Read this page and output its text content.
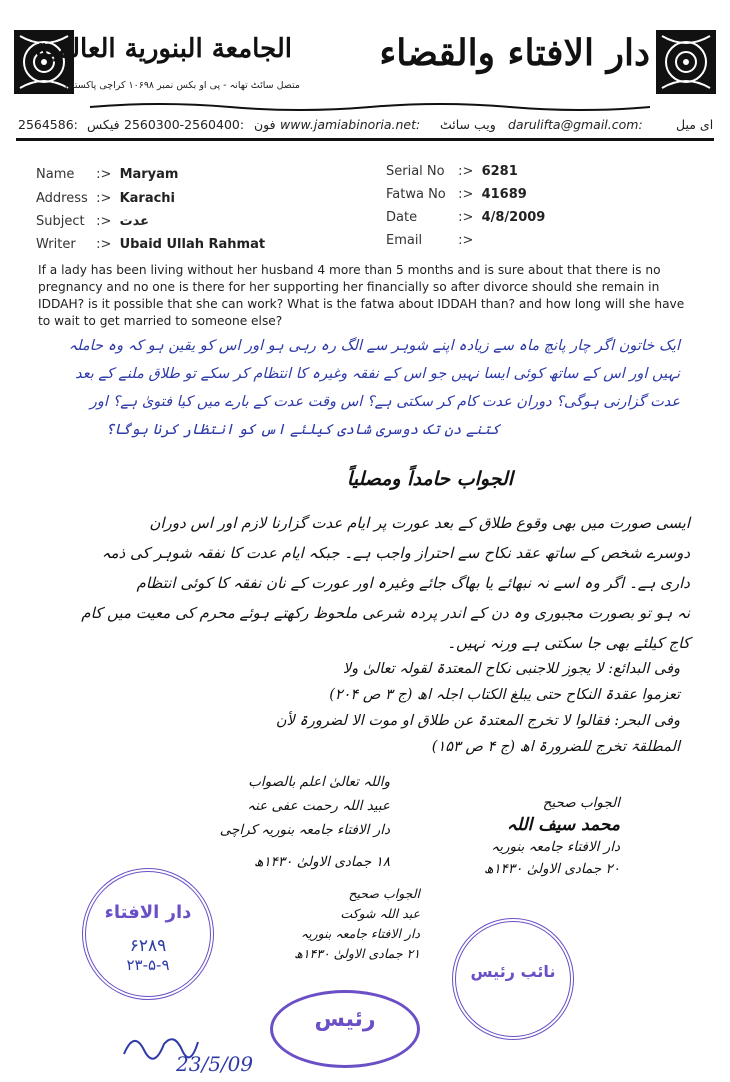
الجامعة البنورية العالمية
متصل سائٹ تھانہ - پی او بکس نمبر ۱۰۶۹۸ کراچی پاکستان
دار الافتاء والقضاء
2564586: فیکس 2560300-2560400: فون www.jamiabinoria.net: ویب سائٹ darulifta@gmail.com:	ای میل
Name :> Maryam
Address :> Karachi
Subject :> عدت
Writer :> Ubaid Ullah Rahmat
Serial No :> 6281
Fatwa No :> 41689
Date	:> 4/8/2009
Email	:>
If a lady has been living without her husband 4 more than 5 months and is sure about that there is no pregnancy and no one is there for her supporting her financially so after divorce should she remain in IDDAH? is it possible that she can work? What is the fatwa about IDDAH than? and how long will she have to wait to get married to someone else?
ایک خاتون اگر چار پانچ ماہ سے زیادہ اپنے شوہر سے الگ رہ رہی ہو اور اس کو یقین ہو کہ وہ حاملہ
نہیں اور اس کے ساتھ کوئی ایسا نہیں جو اس کے نفقہ وغیرہ کا انتظام کر سکے تو طلاق ملنے کے بعد
عدت گزارنی ہوگی؟ دوران عدت کام کر سکتی ہے؟ اس وقت عدت کے بارے میں کیا فتویٰ ہے؟ اور
کتنے دن تک دوسری شادی کیلئے اس کو انتظار کرنا ہوگا؟
الجواب حامداً ومصلیاً
ایسی صورت میں بھی وقوع طلاق کے بعد عورت پر ایام عدت گزارنا لازم اور اس دوران
دوسرے شخص کے ساتھ عقد نکاح سے احتراز واجب ہے۔ جبکہ ایام عدت کا نفقہ شوہر کی ذمہ
داری ہے۔ اگر وہ اسے نہ نبھائے یا بھاگ جائے وغیرہ اور عورت کے نان نفقہ کا کوئی انتظام
نہ ہو تو بصورت مجبوری وہ دن کے اندر پردہ شرعی ملحوظ رکھتے ہوئے محرم کی معیت میں کام
کاج کیلئے بھی جا سکتی ہے ورنہ نہیں۔
وفی البدائع: لا یجوز للاجنبی نکاح المعتدۃ لقولہ تعالیٰ ولا
تعزموا عقدۃ النکاح حتی یبلغ الکتاب اجلہ اھ (ج ۳ ص ۲۰۴)
وفی البحر: فقالوا لا تخرج المعتدۃ عن طلاق او موت الا لضرورۃ لأن
المطلقۃ تخرج للضرورۃ اھ (ج ۴ ص ۱۵۳)
واللہ تعالیٰ اعلم بالصواب
عبید اللہ رحمت عفی عنہ
دار الافتاء جامعہ بنوریہ کراچی
۱۸ جمادی الاولیٰ ۱۴۳۰ھ
الجواب صحیح
محمد سیف اللہ
دار الافتاء جامعہ بنوریہ
۲۰ جمادی الاولیٰ ۱۴۳۰ھ
الجواب صحیح
عبد اللہ شوکت
دار الافتاء جامعہ بنوریہ
۲۱ جمادی الاولیٰ ۱۴۳۰ھ
دار الافتاء
۶۲۸۹
۲۳-۵-۹
رئیس
نائب رئیس
23/5/09
